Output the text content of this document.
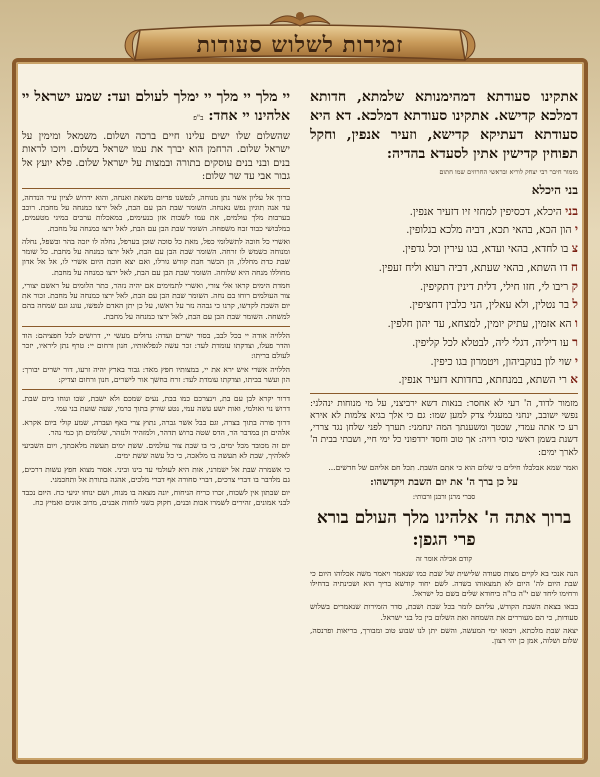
זמירות לשלוש סעודות

אתקינו סעודתא דמהימנותא שלמתא, חדותא דמלכא קדישא. אתקינו סעודתא דמלכא. דא היא סעודתא דעתיקא קדישא, וזעיר אנפין, וחקל תפוחין קדישין אתין לסעדא בהדיה:

מזמור חיבר רבי יצחק לוריא ובראשי החרוזים שמו חתום
בני היכלא

בני היכלא, דכסיפין למחזי זיו דזעיר אנפין.

י הון הכא, בהאי תכא, דביה מלכא בגלופין.

צ בו לחדא, בהאי ועדא, בגו עירין וכל גדפין.

ח דו השתא, בהאי שעתא, דביה רעוא וליח זעפין.

ק ריבו לי, חזו חילי, דלית דינין דתקיפין.

ל בר נטלין, ולא עאלין, הני כלבין דחציפין.

ו הא אזמין, עתיק יומין, למצחא, עד יהון חלפין.

ר עו דיליה, דגלי ליה, לבטלא לכל קליפין.

י שוי לון בנוקביהון, ויטמרון בגו כיפין.

א רי השתא, במנחתא, בחדותא דזעיר אנפין.

מזמור לדוד, ה' רעי לא אחסר: בנאות דשא ירביצני, על מי מנוחות ינהלני: נפשי ישובב, ינחני במעגלי צדק למען שמו: גם כי אלך בגיא צלמות לא אירא רע כי אתה עמדי, שבטך ומשענתך המה ינחמני: תערך לפני שלחן נגד צררי, דשנת בשמן ראשי כוסי רויה: אך טוב וחסד ירדפוני כל ימי חיי, ושבתי בבית ה' לארך ימים:

ואמר שמא אבלבלו חילים כי שלום הוא כי אתם השבת. תכל חם אליהם של חדשים...

על כן ברך ה' את יום השבת ויקדשהו:

סברי מרנן ורבנן ורבותי:
ברוך אתה ה' אלהינו מלך העולם בורא פרי הגפן:
קודם אכילה אומר זה

הנה אנכי בא לקיים מצות סעודה שלישית של שבת כמו שנאמר ויאמר משה אכלוהו היום כי שבת היום לה' היום לא תמצאוהו בשדה. לשם יחוד קודשא בריך הוא ושכינתיה בדחילו ורחימו ליחד שם י"ה בו"ה ביחודא שלים בשם כל ישראל.

בבאו בצאת השבת הקודש, עליהם לומר בכל שבת ושבת, סדר הזמירות שנאמרים בשלוש סעודות, כי הם מעוררים את השמחה ואת השלום בין כל בני ישראל.

יצאה שבת מלכתא, ויבואו ימי המעשה, והשם יתן לנו שבוע טוב ומבורך, בריאות ופרנסה, שלום ושלוה, אמן כן יהי רצון.

יי מלך יי מלך יי ימלך לעולם ועד: שמע ישראל יי אלהינו יי אחד: ב"פ

שהשלום שלו ישים עלינו חיים ברכה ושלום. משמאל ומימין על ישראל שלום. הרחמן הוא יברך את עמו ישראל בשלום. ויזכו לראות בנים ובני בנים עוסקים בתורה ובמצות על ישראל שלום. פלא יועץ אל גבור אבי עד שר שלום:

ברוך אל עליון אשר נתן מנוחה, לנפשנו פדיום משאת ואנחה, והוא ידרוש לציון עיר הנדחה, עד אנה תוגיון נפש נאנחה. השומר שבת הבן עם הבת, לאל ירצו כמנחה על מחבת. רוכב בערבות מלך עולמים, את עמו לשבות אזן בנעימים, במאכלות ערבים במיני מטעמים, במלבושי כבוד זבח משפחה. השומר שבת הבן עם הבת, לאל ירצו כמנחה על מחבת.

ואשרי כל חוכה לתשלומי כפל, מאת כל סוכה שוכן בערפל, נחלה לו יזכה בהר ובשפל, נחלה ומנוחה כשמש לו זרחה. השומר שבת הבן עם הבת, לאל ירצו כמנחה על מחבת. כל שומר שבת כדת מחללו, הן הכשר חבת קודש גורלו, ואם יצא חובת היום אשרי לו, אל אל אדון מחוללו מנחה היא שלוחה. השומר שבת הבן עם הבת, לאל ירצו כמנחה על מחבת.

חמדת הימים קראו אלי צורי, ואשרי לתמימים אם יהיה נזהר, כתר הלומים על ראשם יצורי, צור העולמים רוחו בם נחה. השומר שבת הבן עם הבת, לאל ירצו כמנחה על מחבת. זכור את יום השבת לקדשו, קרנו כי גבהה נזר על ראשו, על כן יתן האדם לנפשו, עונג וגם שמחה בהם למשחה. השומר שבת הבן עם הבת, לאל ירצו כמנחה על מחבת.

הללויה אודה יי בכל לבב, בסוד ישרים ועדה: גדולים מעשי יי, דרושים לכל חפציהם: הוד והדר פעלו, וצדקתו עומדת לעד: זכר עשה לנפלאותיו, חנון ורחום יי: טרף נתן ליראיו, יזכר לעולם בריתו:

הללויה אשרי איש ירא את יי, במצותיו חפץ מאד: גבור בארץ יהיה זרעו, דור ישרים יבורך: הון ועשר בביתו, וצדקתו עומדת לעד: זרח בחשך אור לישרים, חנון ורחום וצדיק:

דרור יקרא לבן עם בת, וינצרכם כמו בבת, נעים שמכם ולא ישבת, שבו ונוחו ביום שבת. דרוש נוי ואולמי, ואות ישע עשה עמי, נטע שורק בתוך כרמי, שעה שועת בני עמי.

דרוך פורה בתוך בצרה, וגם בבל אשר גברה, נתוץ צרי באף ועברה, שמע קולי ביום אקרא. אלהים תן במדבר הר, הדס שטה ברוש תדהר, ולמזהיר ולנזהר, שלומים תן כמי נהר.

יום זה מכובד מכל ימים, כי בו שבת צור עולמים. ששת ימים תעשה מלאכתך, ויום השביעי לאלהיך, שבת לא תעשה בו מלאכה, כי כל עשה ששת ימים.

כי אשמרה שבת אל ישמרני, אות היא לעולמי עד בינו וביני. אסור מצוא חפץ עשות דרכים, גם מלדבר בו דברי צרכים, דברי סחורה אף דברי מלכים, אהגה בתורת אל ותחכמני.

יום שבתון אין לשכוח, זכרו כריח הניחוח, יונה מצאה בו מנוח, ושם ינוחו יגיעי כח. היום נכבד לבני אמונים, זהירים לשמרו אבות ובנים, חקוק בשני לוחות אבנים, מרוב אונים ואמיץ כח.
